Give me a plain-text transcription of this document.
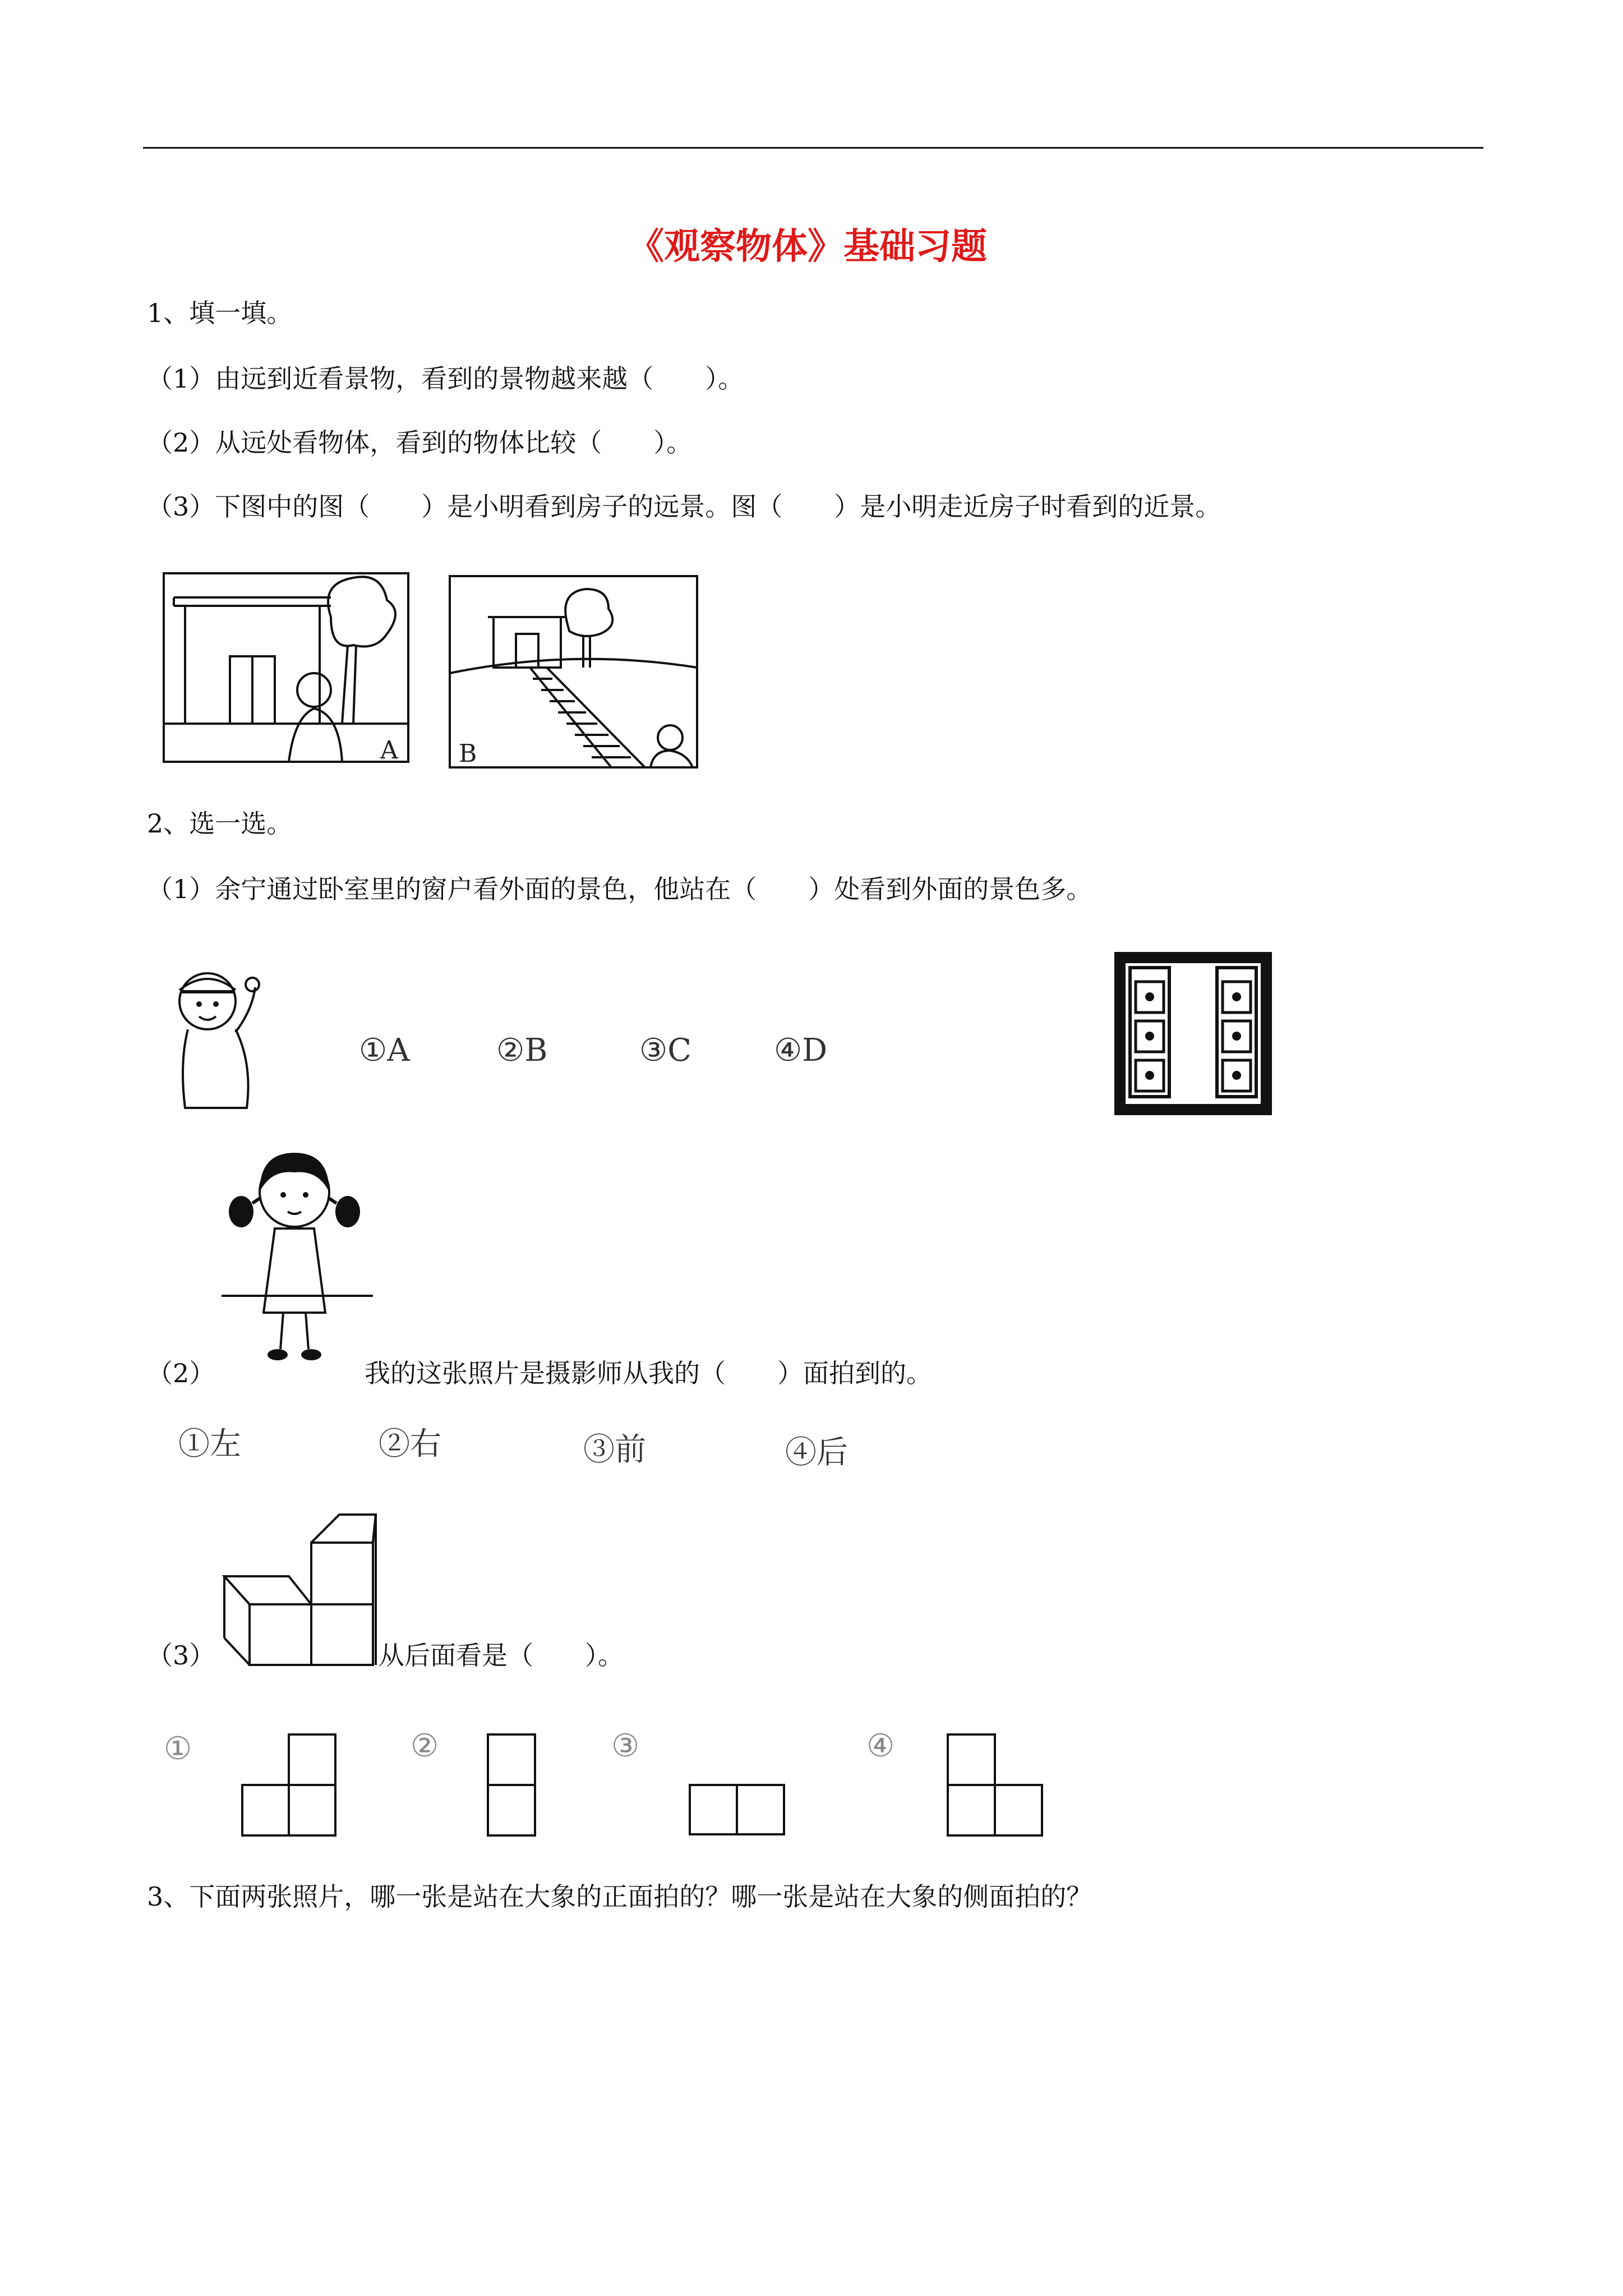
《观察物体》基础习题
1、填一填。
（1）由远到近看景物，看到的景物越来越（　　）。
（2）从远处看物体，看到的物体比较（　　）。
（3）下图中的图（　　）是小明看到房子的远景。图（　　）是小明走近房子时看到的近景。
A B
2、选一选。
（1）余宁通过卧室里的窗户看外面的景色，他站在（　　）处看到外面的景色多。
①A	②B	③C	④D
（2）	我的这张照片是摄影师从我的（　　）面拍到的。
①左	②右	③前	④后
（3）	从后面看是（　　）。
①	②	③	④
3、下面两张照片，哪一张是站在大象的正面拍的？哪一张是站在大象的侧面拍的？
